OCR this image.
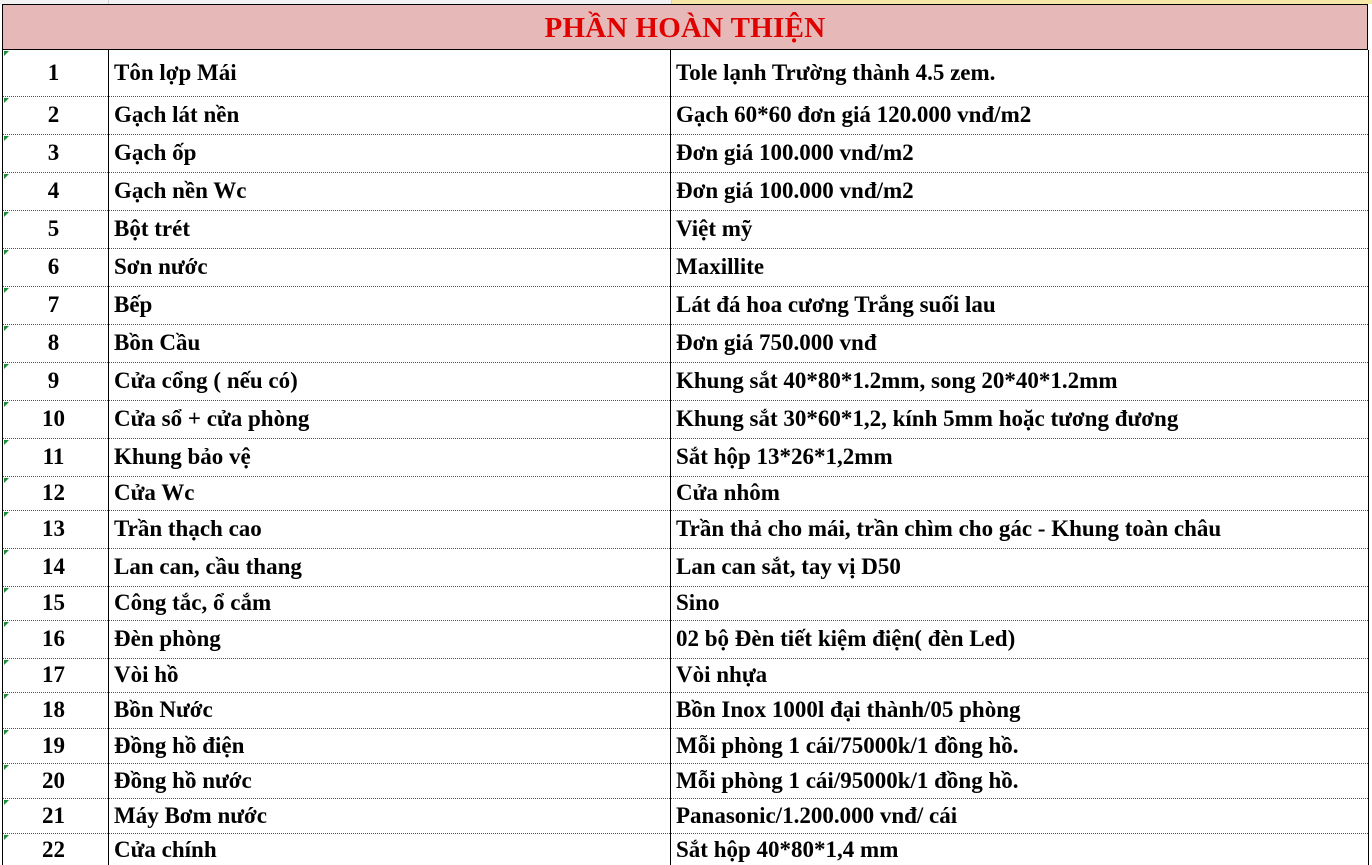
PHẦN HOÀN THIỆN
1	Tôn lợp Mái	Tole lạnh Trường thành 4.5 zem.

2	Gạch lát nền	Gạch 60*60 đơn giá 120.000 vnđ/m2

3	Gạch ốp	Đơn giá 100.000 vnđ/m2

4	Gạch nền Wc	Đơn giá 100.000 vnđ/m2

5	Bột trét	Việt mỹ

6	Sơn nước	Maxillite

7	Bếp	Lát đá hoa cương Trắng suối lau

8	Bồn Cầu	Đơn giá 750.000 vnđ

9	Cửa cổng ( nếu có)	Khung sắt 40*80*1.2mm, song 20*40*1.2mm

10	Cửa sổ + cửa phòng	Khung sắt 30*60*1,2, kính 5mm hoặc tương đương

11	Khung bảo vệ	Sắt hộp 13*26*1,2mm

12	Cửa Wc	Cửa nhôm

13	Trần thạch cao	Trần thả cho mái, trần chìm cho gác - Khung toàn châu

14	Lan can, cầu thang	Lan can sắt, tay vị D50

15	Công tắc, ổ cắm	Sino

16	Đèn phòng	02 bộ Đèn tiết kiệm điện( đèn Led)

17	Vòi hồ	Vòi nhựa

18	Bồn Nước	Bồn Inox 1000l đại thành/05 phòng

19	Đồng hồ điện	Mỗi phòng 1 cái/75000k/1 đồng hồ.

20	Đồng hồ nước	Mỗi phòng 1 cái/95000k/1 đồng hồ.

21	Máy Bơm nước	Panasonic/1.200.000 vnđ/ cái

22	Cửa chính	Sắt hộp 40*80*1,4 mm
